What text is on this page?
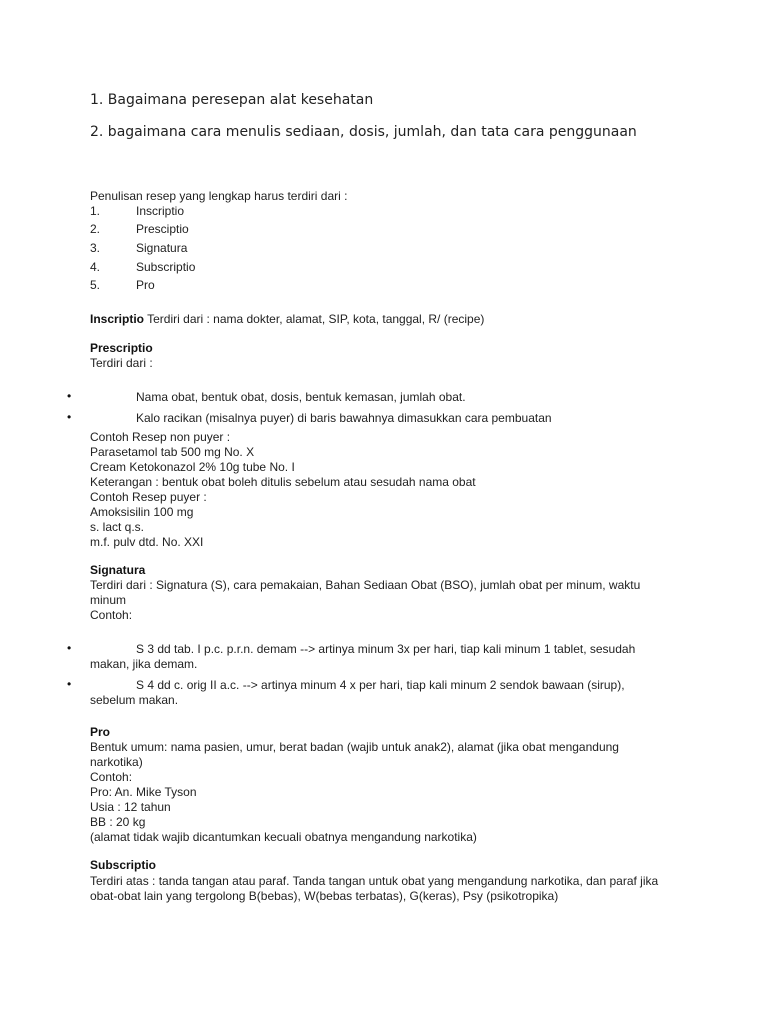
1. Bagaimana peresepan alat kesehatan
2. bagaimana cara menulis sediaan, dosis, jumlah, dan tata cara penggunaan
Penulisan resep yang lengkap harus terdiri dari :
1.	Inscriptio
2.	Presciptio
3.	Signatura
4.	Subscriptio
5.	Pro
Inscriptio Terdiri dari : nama dokter, alamat, SIP, kota, tanggal, R/ (recipe)
Prescriptio
Terdiri dari :
•	Nama obat, bentuk obat, dosis, bentuk kemasan, jumlah obat.
•	Kalo racikan (misalnya puyer) di baris bawahnya dimasukkan cara pembuatan
Contoh Resep non puyer :
Parasetamol tab 500 mg No. X
Cream Ketokonazol 2% 10g tube No. I
Keterangan : bentuk obat boleh ditulis sebelum atau sesudah nama obat
Contoh Resep puyer :
Amoksisilin 100 mg
s. lact q.s.
m.f. pulv dtd. No. XXI
Signatura
Terdiri dari : Signatura (S), cara pemakaian, Bahan Sediaan Obat (BSO), jumlah obat per minum, waktu minum
Contoh:
•	S 3 dd tab. I p.c. p.r.n. demam --> artinya minum 3x per hari, tiap kali minum 1 tablet, sesudah
makan, jika demam.
•	S 4 dd c. orig II a.c. --> artinya minum 4 x per hari, tiap kali minum 2 sendok bawaan (sirup),
sebelum makan.
Pro
Bentuk umum: nama pasien, umur, berat badan (wajib untuk anak2), alamat (jika obat mengandung narkotika)
Contoh:
Pro: An. Mike Tyson
Usia : 12 tahun
BB : 20 kg
(alamat tidak wajib dicantumkan kecuali obatnya mengandung narkotika)
Subscriptio
Terdiri atas : tanda tangan atau paraf. Tanda tangan untuk obat yang mengandung narkotika, dan paraf jika obat-obat lain yang tergolong B(bebas), W(bebas terbatas), G(keras), Psy (psikotropika)
